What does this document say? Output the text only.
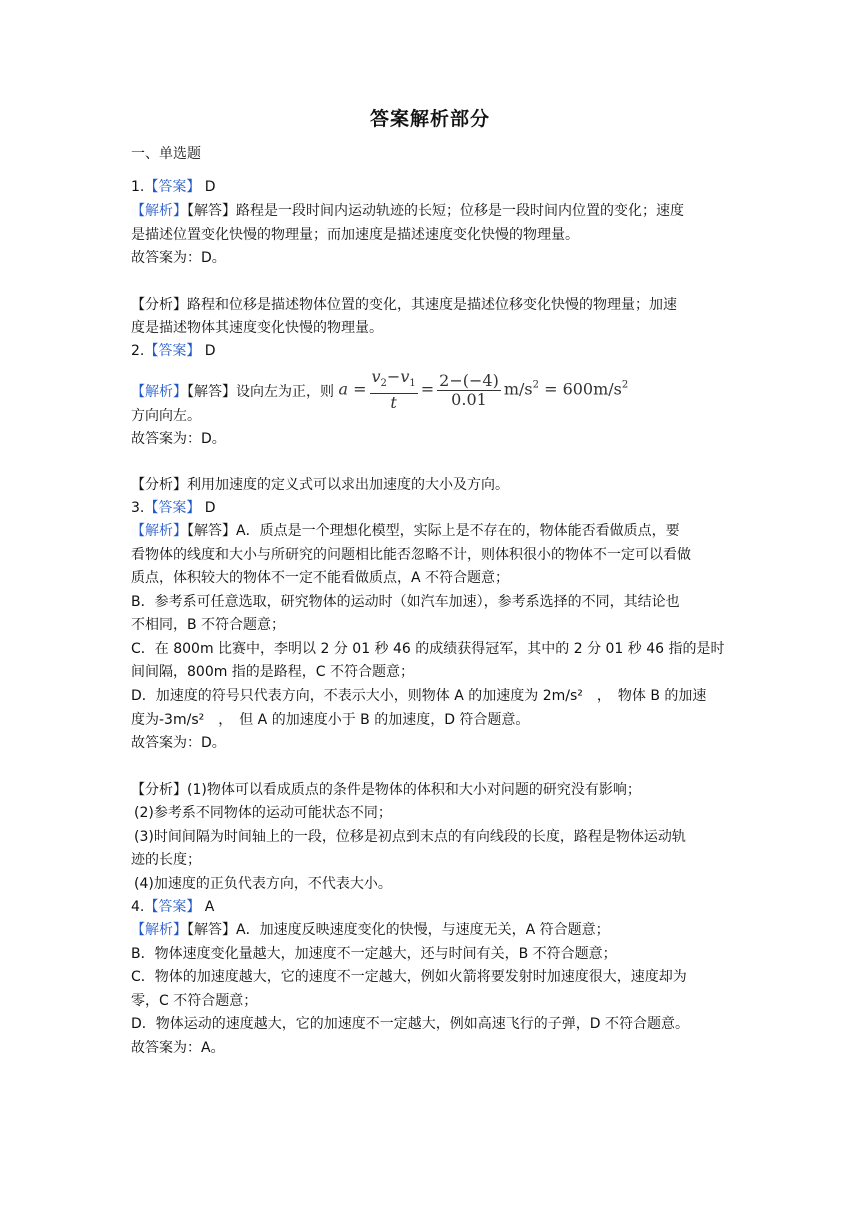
答案解析部分
一、单选题
1.【答案】 D
【解析】【解答】路程是一段时间内运动轨迹的长短；位移是一段时间内位置的变化；速度
是描述位置变化快慢的物理量；而加速度是描述速度变化快慢的物理量。
故答案为：D。
【分析】路程和位移是描述物体位置的变化，其速度是描述位移变化快慢的物理量；加速
度是描述物体其速度变化快慢的物理量。
2.【答案】 D
【解析】【解答】设向左为正，则 $a = \frac{v_2-v_1}{t} = \frac{2-(-4)}{0.01} m/s^2 = 600m/s^2$
方向向左。
故答案为：D。
【分析】利用加速度的定义式可以求出加速度的大小及方向。
3.【答案】 D
【解析】【解答】A．质点是一个理想化模型，实际上是不存在的，物体能否看做质点，要
看物体的线度和大小与所研究的问题相比能否忽略不计，则体积很小的物体不一定可以看做
质点，体积较大的物体不一定不能看做质点，A 不符合题意；
B．参考系可任意选取，研究物体的运动时（如汽车加速），参考系选择的不同，其结论也
不相同，B 不符合题意；
C．在 800m 比赛中，李明以 2 分 01 秒 46 的成绩获得冠军，其中的 2 分 01 秒 46 指的是时
间间隔，800m 指的是路程，C 不符合题意；
D．加速度的符号只代表方向，不表示大小，则物体 A 的加速度为 2m/s²　，　物体 B 的加速
度为-3m/s²　，　但 A 的加速度小于 B 的加速度，D 符合题意。
故答案为：D。
【分析】(1)物体可以看成质点的条件是物体的体积和大小对问题的研究没有影响；
(2)参考系不同物体的运动可能状态不同；
(3)时间间隔为时间轴上的一段，位移是初点到末点的有向线段的长度，路程是物体运动轨
迹的长度；
(4)加速度的正负代表方向，不代表大小。
4.【答案】 A
【解析】【解答】A．加速度反映速度变化的快慢，与速度无关，A 符合题意；
B．物体速度变化量越大，加速度不一定越大，还与时间有关，B 不符合题意；
C．物体的加速度越大，它的速度不一定越大，例如火箭将要发射时加速度很大，速度却为
零，C 不符合题意；
D．物体运动的速度越大，它的加速度不一定越大，例如高速飞行的子弹，D 不符合题意。
故答案为：A。
